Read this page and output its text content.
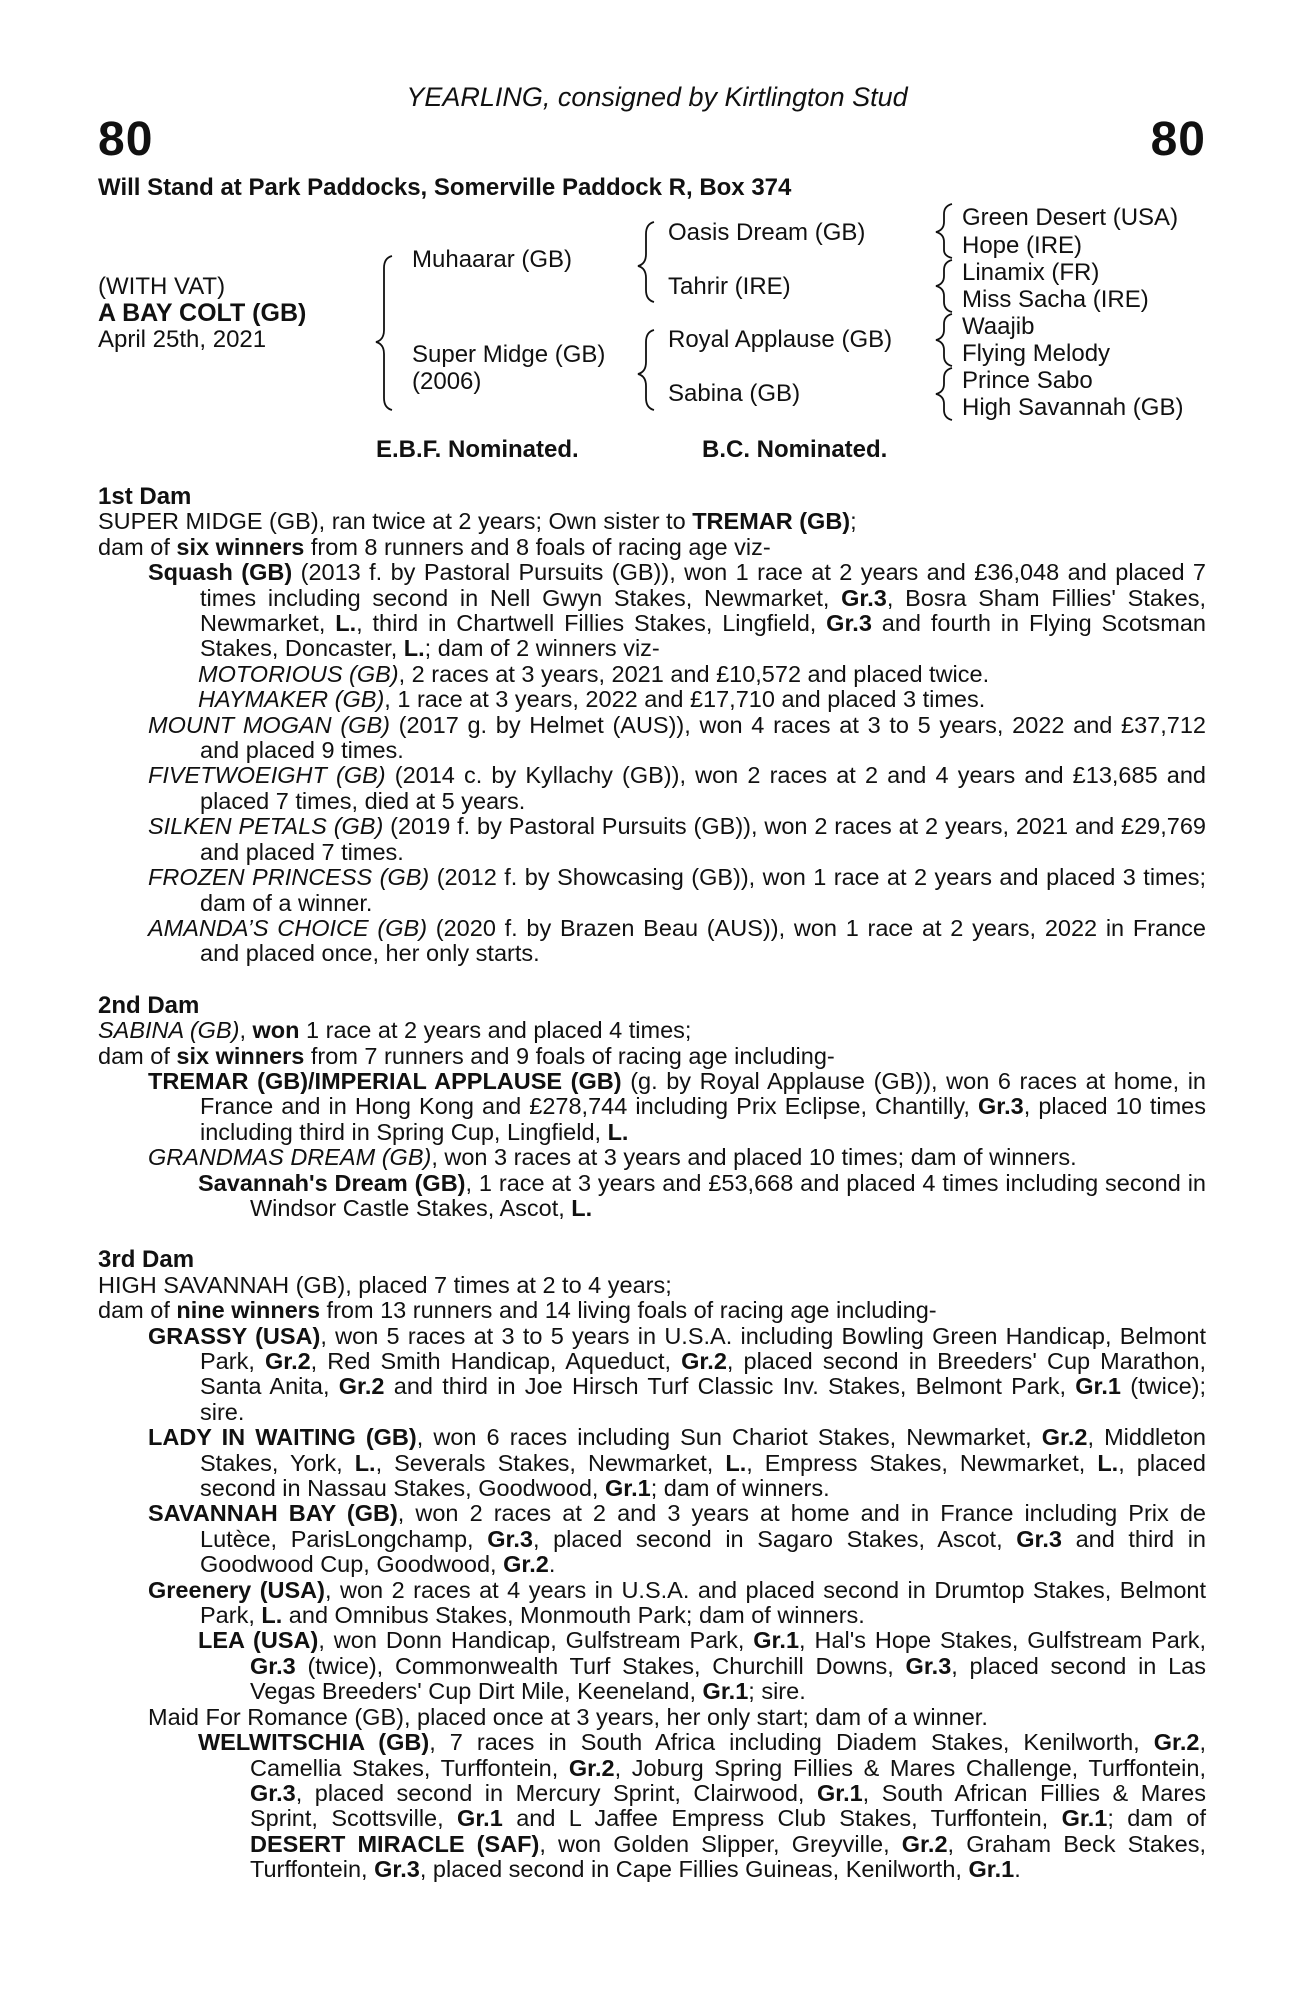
YEARLING, consigned by Kirtlington Stud
80	80
Will Stand at Park Paddocks, Somerville Paddock R, Box 374
(WITH VAT)
A BAY COLT (GB)
April 25th, 2021
Muhaarar (GB)
Super Midge (GB)
(2006)
Oasis Dream (GB)
Tahrir (IRE)
Royal Applause (GB)
Sabina (GB)
Green Desert (USA)
Hope (IRE)
Linamix (FR)
Miss Sacha (IRE)
Waajib
Flying Melody
Prince Sabo
High Savannah (GB)
E.B.F. Nominated.	B.C. Nominated.

1st Dam

SUPER MIDGE (GB), ran twice at 2 years; Own sister to TREMAR (GB);
dam of six winners from 8 runners and 8 foals of racing age viz-

Squash (GB) (2013 f. by Pastoral Pursuits (GB)), won 1 race at 2 years and £36,048 and placed 7 times including second in Nell Gwyn Stakes, Newmarket, Gr.3, Bosra Sham Fillies' Stakes, Newmarket, L., third in Chartwell Fillies Stakes, Lingfield, Gr.3 and fourth in Flying Scotsman Stakes, Doncaster, L.; dam of 2 winners viz-

MOTORIOUS (GB), 2 races at 3 years, 2021 and £10,572 and placed twice.

HAYMAKER (GB), 1 race at 3 years, 2022 and £17,710 and placed 3 times.

MOUNT MOGAN (GB) (2017 g. by Helmet (AUS)), won 4 races at 3 to 5 years, 2022 and £37,712 and placed 9 times.

FIVETWOEIGHT (GB) (2014 c. by Kyllachy (GB)), won 2 races at 2 and 4 years and £13,685 and placed 7 times, died at 5 years.

SILKEN PETALS (GB) (2019 f. by Pastoral Pursuits (GB)), won 2 races at 2 years, 2021 and £29,769 and placed 7 times.

FROZEN PRINCESS (GB) (2012 f. by Showcasing (GB)), won 1 race at 2 years and placed 3 times; dam of a winner.

AMANDA’S CHOICE (GB) (2020 f. by Brazen Beau (AUS)), won 1 race at 2 years, 2022 in France and placed once, her only starts.

2nd Dam

SABINA (GB), won 1 race at 2 years and placed 4 times;
dam of six winners from 7 runners and 9 foals of racing age including-

TREMAR (GB)/IMPERIAL APPLAUSE (GB) (g. by Royal Applause (GB)), won 6 races at home, in France and in Hong Kong and £278,744 including Prix Eclipse, Chantilly, Gr.3, placed 10 times including third in Spring Cup, Lingfield, L.

GRANDMAS DREAM (GB), won 3 races at 3 years and placed 10 times; dam of winners.

Savannah's Dream (GB), 1 race at 3 years and £53,668 and placed 4 times including second in Windsor Castle Stakes, Ascot, L.

3rd Dam

HIGH SAVANNAH (GB), placed 7 times at 2 to 4 years;
dam of nine winners from 13 runners and 14 living foals of racing age including-

GRASSY (USA), won 5 races at 3 to 5 years in U.S.A. including Bowling Green Handicap, Belmont Park, Gr.2, Red Smith Handicap, Aqueduct, Gr.2, placed second in Breeders' Cup Marathon, Santa Anita, Gr.2 and third in Joe Hirsch Turf Classic Inv. Stakes, Belmont Park, Gr.1 (twice); sire.

LADY IN WAITING (GB), won 6 races including Sun Chariot Stakes, Newmarket, Gr.2, Middleton Stakes, York, L., Severals Stakes, Newmarket, L., Empress Stakes, Newmarket, L., placed second in Nassau Stakes, Goodwood, Gr.1; dam of winners.

SAVANNAH BAY (GB), won 2 races at 2 and 3 years at home and in France including Prix de Lutèce, ParisLongchamp, Gr.3, placed second in Sagaro Stakes, Ascot, Gr.3 and third in Goodwood Cup, Goodwood, Gr.2.

Greenery (USA), won 2 races at 4 years in U.S.A. and placed second in Drumtop Stakes, Belmont Park, L. and Omnibus Stakes, Monmouth Park; dam of winners.

LEA (USA), won Donn Handicap, Gulfstream Park, Gr.1, Hal's Hope Stakes, Gulfstream Park, Gr.3 (twice), Commonwealth Turf Stakes, Churchill Downs, Gr.3, placed second in Las Vegas Breeders' Cup Dirt Mile, Keeneland, Gr.1; sire.

Maid For Romance (GB), placed once at 3 years, her only start; dam of a winner.

WELWITSCHIA (GB), 7 races in South Africa including Diadem Stakes, Kenilworth, Gr.2, Camellia Stakes, Turffontein, Gr.2, Joburg Spring Fillies & Mares Challenge, Turffontein, Gr.3, placed second in Mercury Sprint, Clairwood, Gr.1, South African Fillies & Mares Sprint, Scottsville, Gr.1 and L Jaffee Empress Club Stakes, Turffontein, Gr.1; dam of DESERT MIRACLE (SAF), won Golden Slipper, Greyville, Gr.2, Graham Beck Stakes, Turffontein, Gr.3, placed second in Cape Fillies Guineas, Kenilworth, Gr.1.
